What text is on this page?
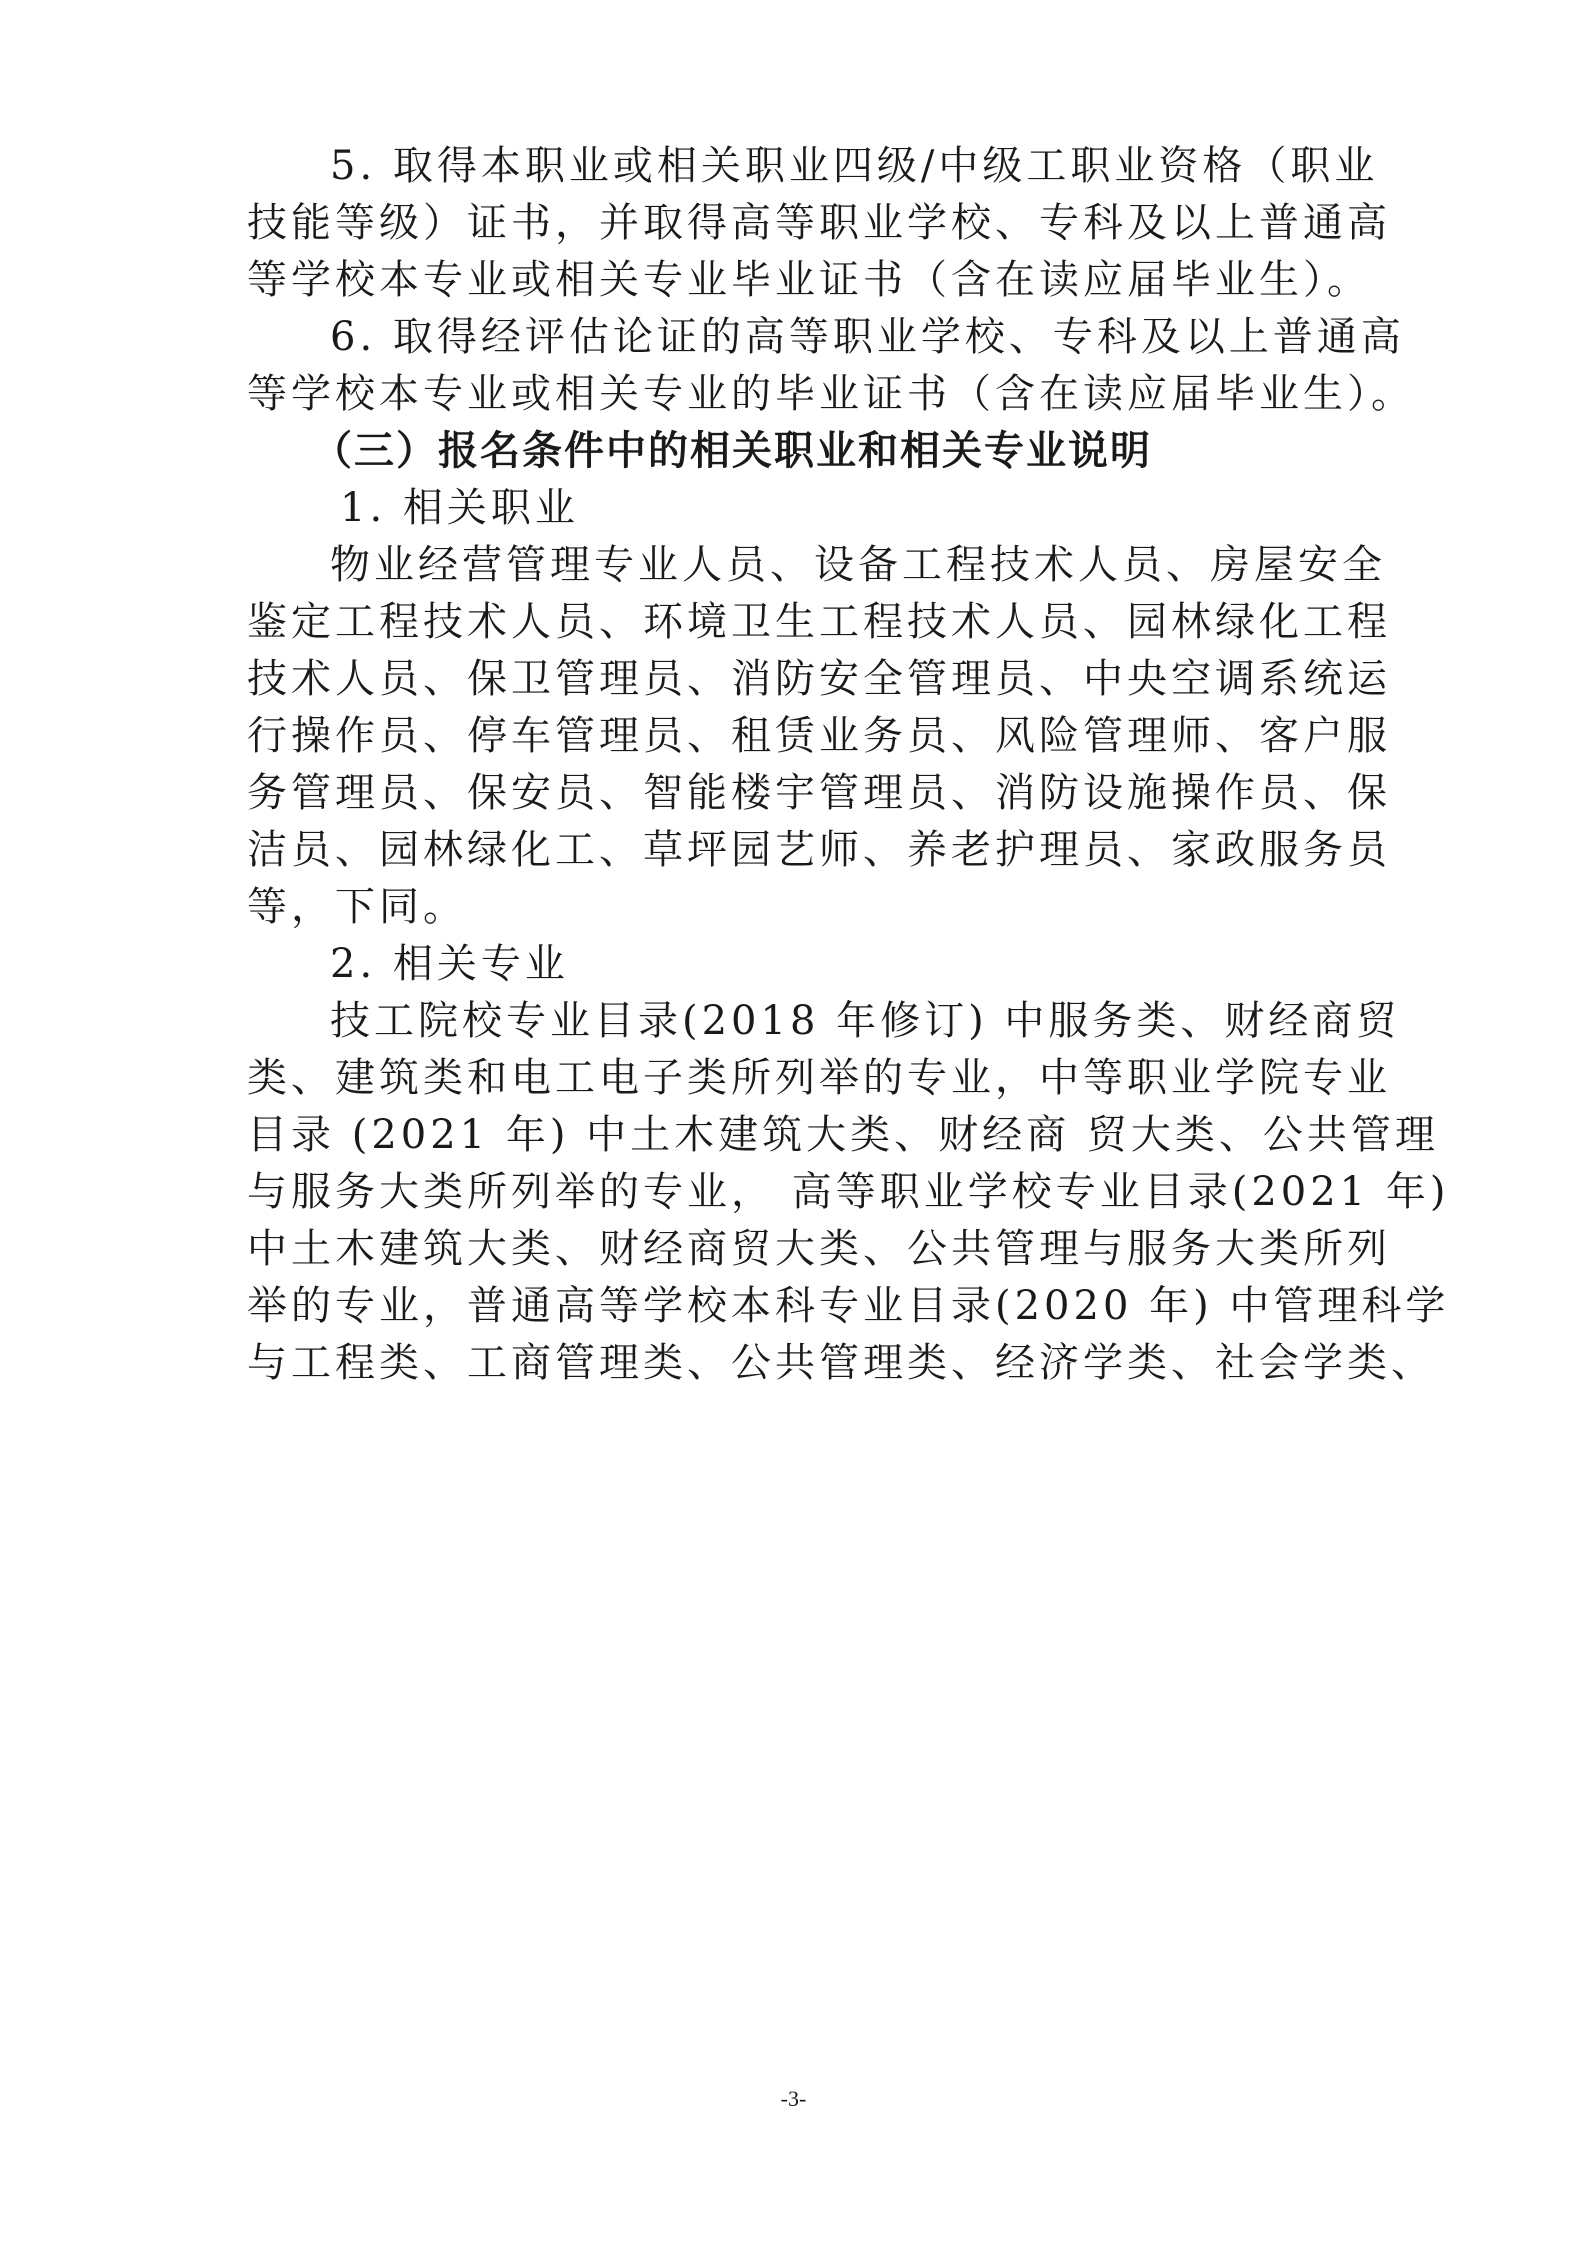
5. 取得本职业或相关职业四级/中级工职业资格（职业
技能等级）证书，并取得高等职业学校、专科及以上普通高
等学校本专业或相关专业毕业证书（含在读应届毕业生）。
6. 取得经评估论证的高等职业学校、专科及以上普通高
等学校本专业或相关专业的毕业证书（含在读应届毕业生）。
（三）报名条件中的相关职业和相关专业说明
1. 相关职业
物业经营管理专业人员、设备工程技术人员、房屋安全
鉴定工程技术人员、环境卫生工程技术人员、园林绿化工程
技术人员、保卫管理员、消防安全管理员、中央空调系统运
行操作员、停车管理员、租赁业务员、风险管理师、客户服
务管理员、保安员、智能楼宇管理员、消防设施操作员、保
洁员、园林绿化工、草坪园艺师、养老护理员、家政服务员
等，下同。
2. 相关专业
技工院校专业目录(2018 年修订) 中服务类、财经商贸
类、建筑类和电工电子类所列举的专业，中等职业学院专业
目录 (2021 年) 中土木建筑大类、财经商 贸大类、公共管理
与服务大类所列举的专业， 高等职业学校专业目录(2021 年)
中土木建筑大类、财经商贸大类、公共管理与服务大类所列
举的专业，普通高等学校本科专业目录(2020 年) 中管理科学
与工程类、工商管理类、公共管理类、经济学类、社会学类、
-3-
